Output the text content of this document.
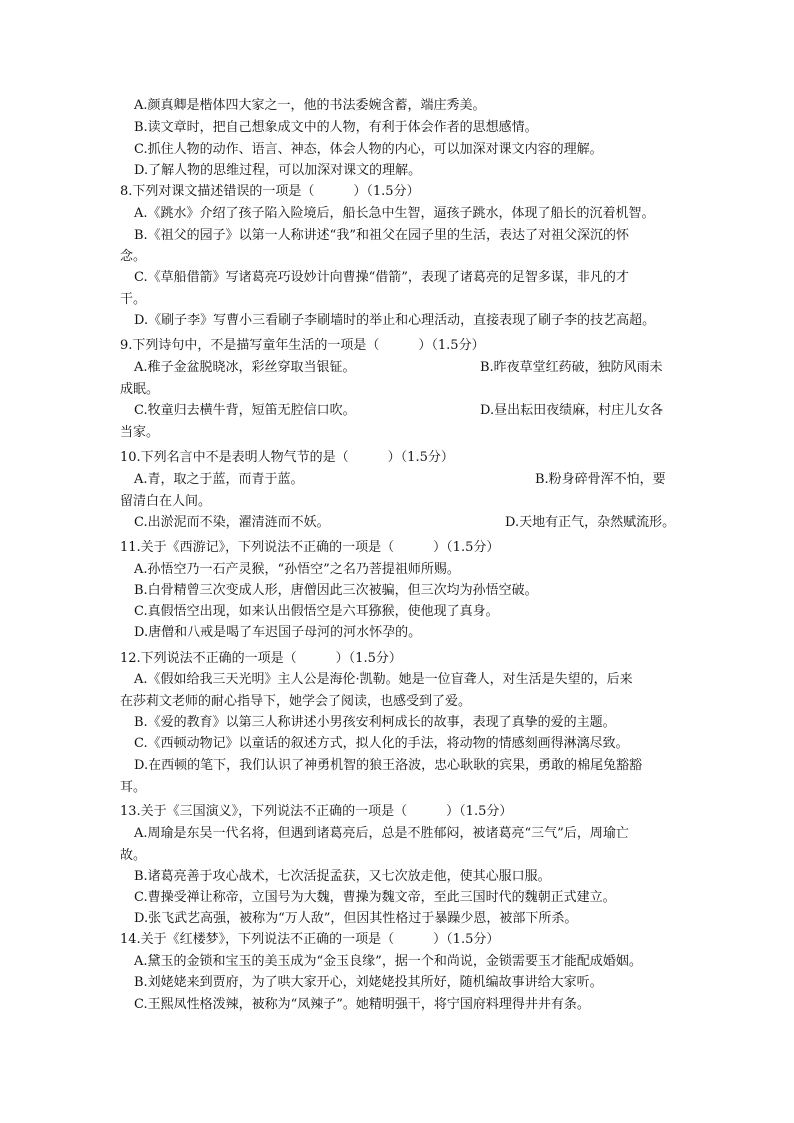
A.颜真卿是楷体四大家之一，他的书法委婉含蓄，端庄秀美。
B.读文章时，把自己想象成文中的人物，有利于体会作者的思想感情。
C.抓住人物的动作、语言、神态，体会人物的内心，可以加深对课文内容的理解。
D.了解人物的思维过程，可以加深对课文的理解。
8.下列对课文描述错误的一项是（　　　）（1.5分）
A.《跳水》介绍了孩子陷入险境后，船长急中生智，逼孩子跳水，体现了船长的沉着机智。
B.《祖父的园子》以第一人称讲述“我”和祖父在园子里的生活，表达了对祖父深沉的怀
念。
C.《草船借箭》写诸葛亮巧设妙计向曹操“借箭”，表现了诸葛亮的足智多谋，非凡的才
干。
D.《刷子李》写曹小三看刷子李刷墙时的举止和心理活动，直接表现了刷子李的技艺高超。
9.下列诗句中，不是描写童年生活的一项是（　　　）（1.5分）
A.稚子金盆脱晓冰，彩丝穿取当银钲。	B.昨夜草堂红药破，独防风雨未
成眠。
C.牧童归去横牛背，短笛无腔信口吹。	D.昼出耘田夜绩麻，村庄儿女各
当家。
10.下列名言中不是表明人物气节的是（　　　）（1.5分）
A.青，取之于蓝，而青于蓝。	B.粉身碎骨浑不怕，要
留清白在人间。
C.出淤泥而不染，濯清涟而不妖。	D.天地有正气，杂然赋流形。
11.关于《西游记》，下列说法不正确的一项是（　　　）（1.5分）
A.孙悟空乃一石产灵猴，“孙悟空”之名乃菩提祖师所赐。
B.白骨精曾三次变成人形，唐僧因此三次被骗，但三次均为孙悟空破。
C.真假悟空出现，如来认出假悟空是六耳猕猴，使他现了真身。
D.唐僧和八戒是喝了车迟国子母河的河水怀孕的。
12.下列说法不正确的一项是（　　　）（1.5分）
A.《假如给我三天光明》主人公是海伦·凯勒。她是一位盲聋人，对生活是失望的，后来
在莎莉文老师的耐心指导下，她学会了阅读，也感受到了爱。
B.《爱的教育》以第三人称讲述小男孩安利柯成长的故事，表现了真挚的爱的主题。
C.《西顿动物记》以童话的叙述方式，拟人化的手法，将动物的情感刻画得淋漓尽致。
D.在西顿的笔下，我们认识了神勇机智的狼王洛波，忠心耿耿的宾果，勇敢的棉尾兔豁豁
耳。
13.关于《三国演义》，下列说法不正确的一项是（　　　）（1.5分）
A.周瑜是东吴一代名将，但遇到诸葛亮后，总是不胜郁闷，被诸葛亮“三气”后，周瑜亡
故。
B.诸葛亮善于攻心战术，七次活捉孟获，又七次放走他，使其心服口服。
C.曹操受禅让称帝，立国号为大魏，曹操为魏文帝，至此三国时代的魏朝正式建立。
D.张飞武艺高强，被称为“万人敌”，但因其性格过于暴躁少恩，被部下所杀。
14.关于《红楼梦》，下列说法不正确的一项是（　　　）（1.5分）
A.黛玉的金锁和宝玉的美玉成为“金玉良缘”，据一个和尚说，金锁需要玉才能配成婚姻。
B.刘姥姥来到贾府，为了哄大家开心，刘姥姥投其所好，随机编故事讲给大家听。
C.王熙凤性格泼辣，被称为“凤辣子”。她精明强干，将宁国府料理得井井有条。
